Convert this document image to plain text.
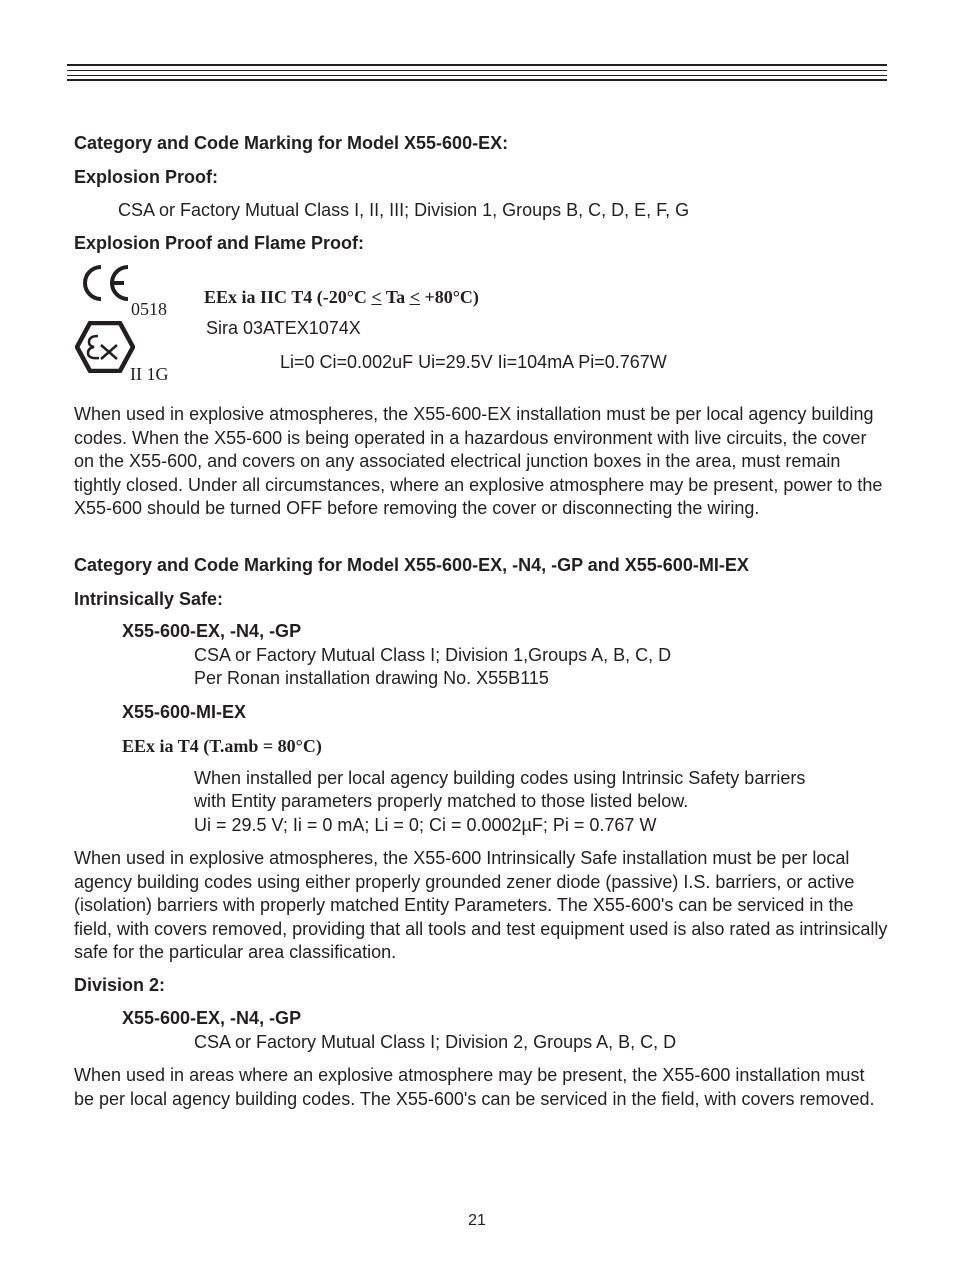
Category and Code Marking for Model X55-600-EX:
Explosion Proof:
CSA or Factory Mutual Class I, II, III; Division 1, Groups B, C, D, E, F, G
Explosion Proof and Flame Proof:
0518
II 1G
EEx ia IIC T4 (-20°C < Ta < +80°C)
Sira 03ATEX1074X
Li=0 Ci=0.002uF Ui=29.5V Ii=104mA Pi=0.767W
When used in explosive atmospheres, the X55-600-EX installation must be per local agency building codes. When the X55-600 is being operated in a hazardous environment with live circuits, the cover on the X55-600, and covers on any associated electrical junction boxes in the area, must remain tightly closed. Under all circumstances, where an explosive atmosphere may be present, power to the X55-600 should be turned OFF before removing the cover or disconnecting the wiring.
Category and Code Marking for Model X55-600-EX, -N4, -GP and X55-600-MI-EX
Intrinsically Safe:
X55-600-EX, -N4, -GP
CSA or Factory Mutual Class I; Division 1,Groups A, B, C, D
Per Ronan installation drawing No. X55B115
X55-600-MI-EX
EEx ia T4 (T.amb = 80°C)
When installed per local agency building codes using Intrinsic Safety barriers
with Entity parameters properly matched to those listed below.
Ui = 29.5 V; Ii = 0 mA; Li = 0; Ci = 0.0002µF; Pi = 0.767 W
When used in explosive atmospheres, the X55-600 Intrinsically Safe installation must be per local agency building codes using either properly grounded zener diode (passive) I.S. barriers, or active (isolation) barriers with properly matched Entity Parameters. The X55-600's can be serviced in the field, with covers removed, providing that all tools and test equipment used is also rated as intrinsically safe for the particular area classification.
Division 2:
X55-600-EX, -N4, -GP
CSA or Factory Mutual Class I; Division 2, Groups A, B, C, D
When used in areas where an explosive atmosphere may be present, the X55-600 installation must be per local agency building codes. The X55-600's can be serviced in the field, with covers removed.
21
